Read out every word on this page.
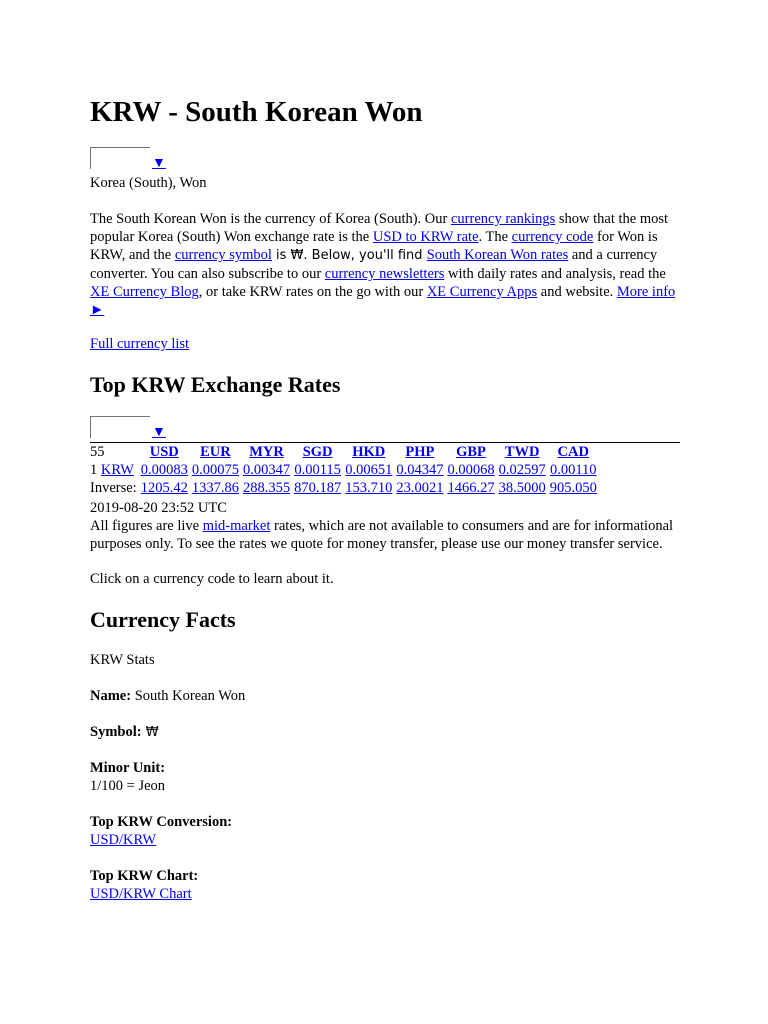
KRW - South Korean Won
▼
Korea (South), Won
The South Korean Won is the currency of Korea (South). Our currency rankings show that the most popular Korea (South) Won exchange rate is the USD to KRW rate. The currency code for Won is KRW, and the currency symbol is ₩. Below, you'll find South Korean Won rates and a currency converter. You can also subscribe to our currency newsletters with daily rates and analysis, read the XE Currency Blog, or take KRW rates on the go with our XE Currency Apps and website. More info ►
Full currency list
Top KRW Exchange Rates
▼
55	USD	EUR	MYR	SGD	HKD	PHP	GBP	TWD	CAD
1 KRW	0.00083	0.00075	0.00347	0.00115	0.00651	0.04347	0.00068	0.02597	0.00110
Inverse:	1205.42	1337.86	288.355	870.187	153.710	23.0021	1466.27	38.5000	905.050
2019-08-20 23:52 UTC
All figures are live mid-market rates, which are not available to consumers and are for informational purposes only. To see the rates we quote for money transfer, please use our money transfer service.
Click on a currency code to learn about it.
Currency Facts
KRW Stats
Name: South Korean Won
Symbol: ₩
Minor Unit:
1/100 = Jeon
Top KRW Conversion:
USD/KRW
Top KRW Chart:
USD/KRW Chart
